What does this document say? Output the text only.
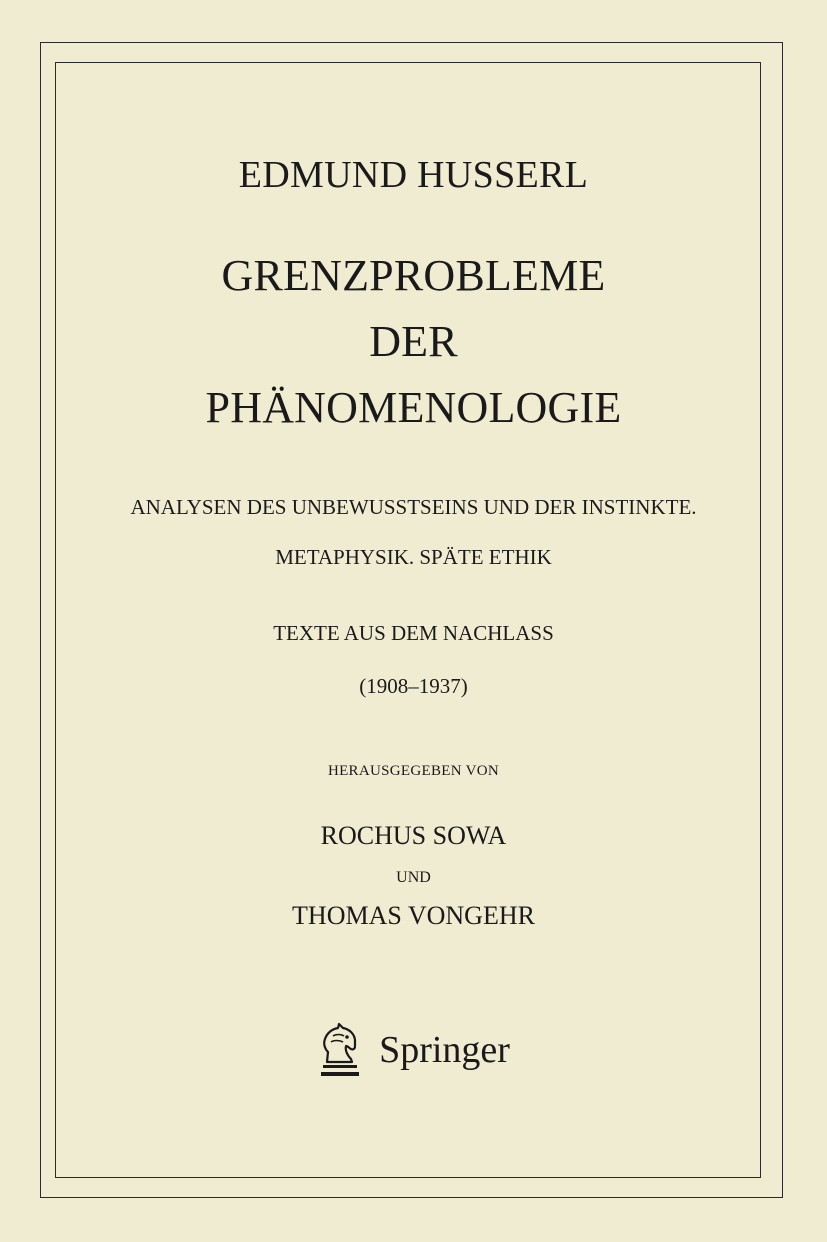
EDMUND HUSSERL
GRENZPROBLEME
DER
PHÄNOMENOLOGIE
ANALYSEN DES UNBEWUSSTSEINS UND DER INSTINKTE.
METAPHYSIK. SPÄTE ETHIK
TEXTE AUS DEM NACHLASS
(1908–1937)
HERAUSGEGEBEN VON
ROCHUS SOWA
UND
THOMAS VONGEHR
Springer
